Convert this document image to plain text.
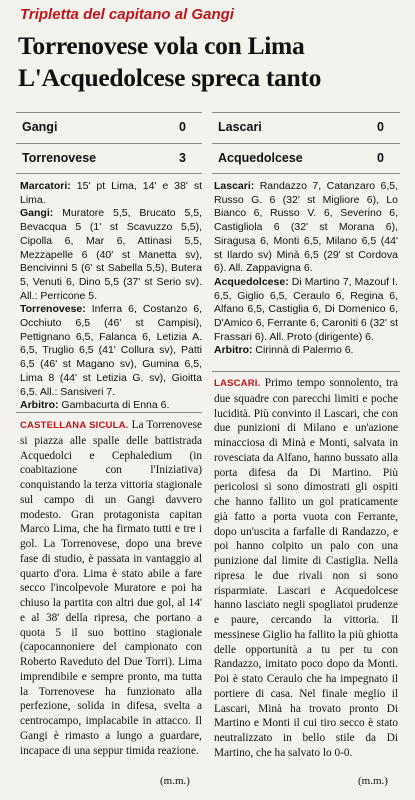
Tripletta del capitano al Gangi
Torrenovese vola con Lima
L'Acquedolcese spreca tanto
Gangi	0
Torrenovese	3
Lascari	0
Acquedolcese	0

Marcatori: 15' pt Lima, 14' e 38' st Lima.

Gangi: Muratore 5,5, Brucato 5,5, Bevacqua 5 (1' st Scavuzzo 5,5), Cipolla 6, Mar 6, Attinasi 5,5, Mezzapelle 6 (40' st Manetta sv), Bencivinni 5 (6' st Sabella 5,5), Butera 5, Venuti 6, Dino 5,5 (37' st Serio sv). All.: Perricone 5.

Torrenovese: Inferra 6, Costanzo 6, Occhiuto 6,5 (46' st Campisi), Pettignano 6,5, Falanca 6, Letizia A. 6,5, Truglio 6,5 (41' Collura sv), Patti 6,5 (46' st Magano sv), Gumina 6,5, Lima 8 (44' st Letizia G. sv), Gioitta 6,5. All.: Sansiveri 7.

Arbitro: Gambacurta di Enna 6.

Lascari: Randazzo 7, Catanzaro 6,5, Russo G. 6 (32' st Migliore 6), Lo Bianco 6, Russo V. 6, Severino 6, Castigliola 6 (32' st Morana 6), Siragusa 6, Monti 6,5, Milano 6,5 (44' st Ilardo sv) Minà 6,5 (29' st Cordova 6). All. Zappavigna 6.

Acquedolcese: Di Martino 7, Mazouf I. 6,5, Giglio 6,5, Ceraulo 6, Regina 6, Alfano 6,5, Castiglia 6, Di Domenico 6, D'Amico 6, Ferrante 6, Caroniti 6 (32' st Frassari 6). All. Proto (dirigente) 6.

Arbitro: Cirinnà di Palermo 6.

CASTELLANA SICULA. La Torrenovese si piazza alle spalle delle battistrada Acquedolci e Cephaledium (in coabitazione con l'Iniziativa) conquistando la terza vittoria stagionale sul campo di un Gangi davvero modesto. Gran protagonista capitan Marco Lima, che ha firmato tutti e tre i gol. La Torrenovese, dopo una breve fase di studio, è passata in vantaggio al quarto d'ora. Lima è stato abile a fare secco l'incolpevole Muratore e poi ha chiuso la partita con altri due gol, al 14' e al 38' della ripresa, che portano a quota 5 il suo bottino stagionale (capocannoniere del campionato con Roberto Raveduto del Due Torri). Lima imprendibile e sempre pronto, ma tutta la Torrenovese ha funzionato alla perfezione, solida in difesa, svelta a centrocampo, implacabile in attacco. Il Gangi è rimasto a lungo a guardare, incapace di una seppur timida reazione.

(m.m.)

LASCARI. Primo tempo sonnolento, tra due squadre con parecchi limiti e poche lucidità. Più convinto il Lascari, che con due punizioni di Milano e un'azione minacciosa di Minà e Monti, salvata in rovesciata da Alfano, hanno bussato alla porta difesa da Di Martino. Più pericolosi si sono dimostrati gli ospiti che hanno fallito un gol praticamente già fatto a porta vuota con Ferrante, dopo un'uscita a farfalle di Randazzo, e poi hanno colpito un palo con una punizione dal limite di Castiglia. Nella ripresa le due rivali non si sono risparmiate. Lascari e Acquedolcese hanno lasciato negli spogliatoi prudenze e paure, cercando la vittoria. Il messinese Giglio ha fallito la più ghiotta delle opportunità a tu per tu con Randazzo, imitato poco dopo da Monti. Poi è stato Ceraulo che ha impegnato il portiere di casa. Nel finale meglio il Lascari, Minà ha trovato pronto Di Martino e Monti il cui tiro secco è stato neutralizzato in bello stile da Di Martino, che ha salvato lo 0-0.

(m.m.)
